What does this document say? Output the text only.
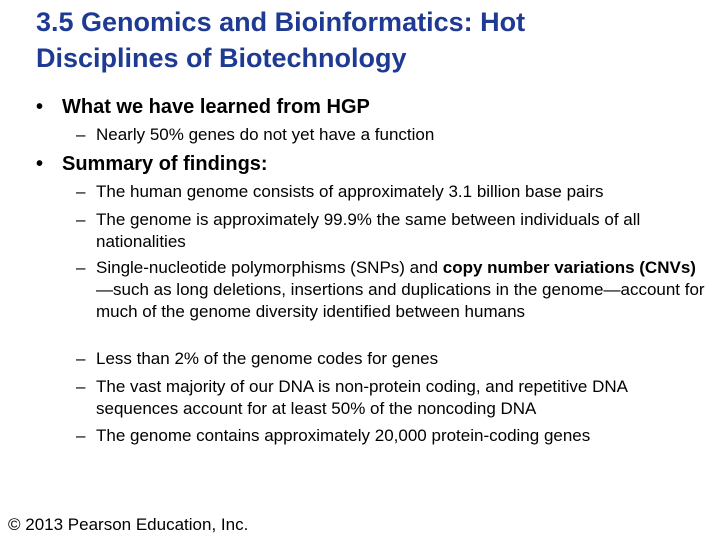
3.5 Genomics and Bioinformatics: Hot
Disciplines of Biotechnology
• What we have learned from HGP
– Nearly 50% genes do not yet have a function
• Summary of findings:
– The human genome consists of approximately 3.1 billion base pairs
– The genome is approximately 99.9% the same between individuals of all nationalities
– Single-nucleotide polymorphisms (SNPs) and copy number variations (CNVs)—such as long deletions, insertions and duplications in the genome—account for much of the genome diversity identified between humans
– Less than 2% of the genome codes for genes
– The vast majority of our DNA is non-protein coding, and repetitive DNA sequences account for at least 50% of the noncoding DNA
– The genome contains approximately 20,000 protein-coding genes
© 2013 Pearson Education, Inc.
